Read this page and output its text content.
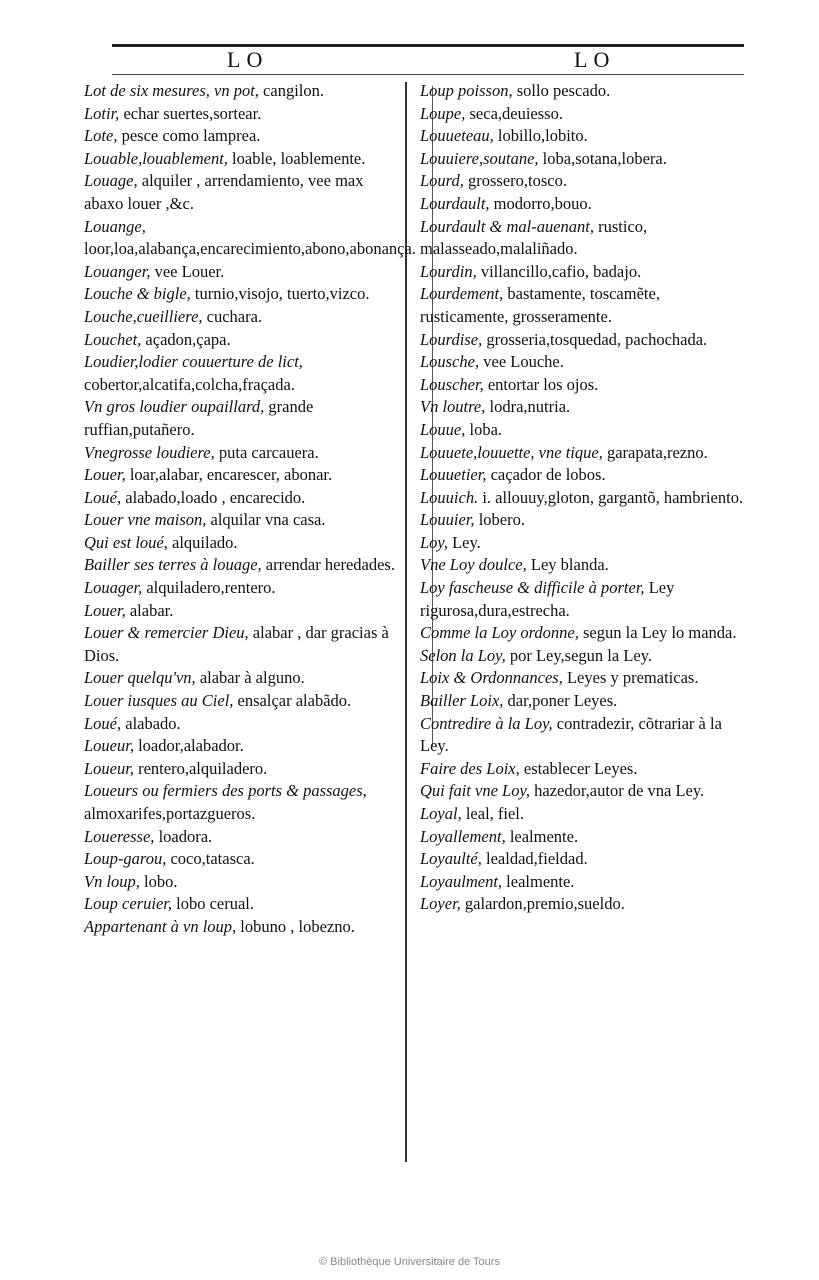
LO	LO

Lot de six mesures, vn pot, cangilon.

Lotir, echar suertes,sortear.

Lote, pesce como lamprea.

Louable,louablement, loable, loablemente.

Louage, alquiler , arrendamiento, vee max abaxo louer ,&c.

Louange, loor,loa,alabança,encarecimiento,abono,abonança.

Louanger, vee Louer.

Louche & bigle, turnio,visojo, tuerto,vizco.

Louche,cueilliere, cuchara.

Louchet, açadon,çapa.

Loudier,lodier couuerture de lict, cobertor,alcatifa,colcha,fraçada.

Vn gros loudier oupaillard, grande ruffian,putañero.

Vnegrosse loudiere, puta carcauera.

Louer, loar,alabar, encarescer, abonar.

Loué, alabado,loado , encarecido.

Louer vne maison, alquilar vna casa.

Qui est loué, alquilado.

Bailler ses terres à louage, arrendar heredades.

Louager, alquiladero,rentero.

Louer, alabar.

Louer & remercier Dieu, alabar , dar gracias à Dios.

Louer quelqu'vn, alabar à alguno.

Louer iusques au Ciel, ensalçar alabãdo.

Loué, alabado.

Loueur, loador,alabador.

Loueur, rentero,alquiladero.

Loueurs ou fermiers des ports & passages, almoxarifes,portazgueros.

Loueresse, loadora.

Loup-garou, coco,tatasca.

Vn loup, lobo.

Loup ceruier, lobo cerual.

Appartenant à vn loup, lobuno , lobezno.

Loup poisson, sollo pescado.

Loupe, seca,deuiesso.

Louueteau, lobillo,lobito.

Louuiere,soutane, loba,sotana,lobera.

Lourd, grossero,tosco.

Lourdault, modorro,bouo.

Lourdault & mal-auenant, rustico, malasseado,malaliñado.

Lourdin, villancillo,cafio, badajo.

Lourdement, bastamente, toscamẽte, rusticamente, grosseramente.

Lourdise, grosseria,tosquedad, pachochada.

Lousche, vee Louche.

Louscher, entortar los ojos.

Vn loutre, lodra,nutria.

Louue, loba.

Louuete,louuette, vne tique, garapata,rezno.

Louuetier, caçador de lobos.

Louuich. i. allouuy,gloton, gargantõ, hambriento.

Louuier, lobero.

Loy, Ley.

Vne Loy doulce, Ley blanda.

Loy fascheuse & difficile à porter, Ley rigurosa,dura,estrecha.

Comme la Loy ordonne, segun la Ley lo manda.

Selon la Loy, por Ley,segun la Ley.

Loix & Ordonnances, Leyes y prematicas.

Bailler Loix, dar,poner Leyes.

Contredire à la Loy, contradezir, cõtrariar à la Ley.

Faire des Loix, establecer Leyes.

Qui fait vne Loy, hazedor,autor de vna Ley.

Loyal, leal, fiel.

Loyallement, lealmente.

Loyaulté, lealdad,fieldad.

Loyaulment, lealmente.

Loyer, galardon,premio,sueldo.

© Bibliothèque Universitaire de Tours
